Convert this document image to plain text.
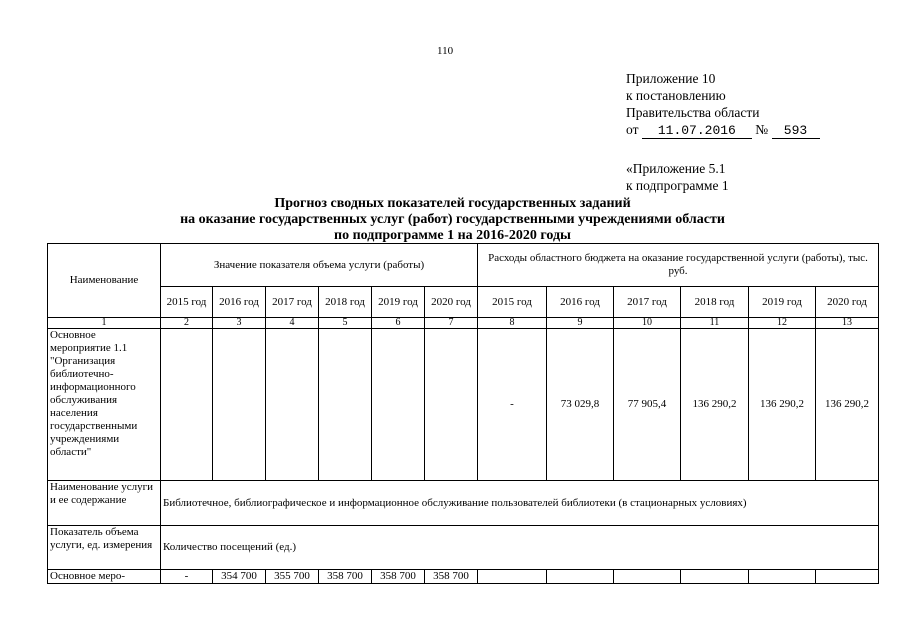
110
Приложение 10
к постановлению
Правительства области
от 11.07.2016 № 593
«Приложение 5.1
к подпрограмме 1
Прогноз сводных показателей государственных заданий
на оказание государственных услуг (работ) государственными учреждениями области
по подпрограмме 1 на 2016-2020 годы
Наименование	Значение показателя объема услуги (работы)						Расходы областного бюджета на оказание государственной услуги (работы), тыс. руб.					
	2015 год	2016 год	2017 год	2018 год	2019 год	2020 год	2015 год	2016 год	2017 год	2018 год	2019 год	2020 год
1	2	3	4	5	6	7	8	9	10	11	12	13
Основное мероприятие 1.1 "Организация библиотечно-информационного обслуживания населения государственными учреждениями области"							-	73 029,8	77 905,4	136 290,2	136 290,2	136 290,2
Наименование услуги и ее содержание	Библиотечное, библиографическое и информационное обслуживание пользователей библиотеки (в стационарных условиях)											
Показатель объема услуги, ед. измерения	Количество посещений (ед.)											
Основное меро-	-	354 700	355 700	358 700	358 700	358 700						
